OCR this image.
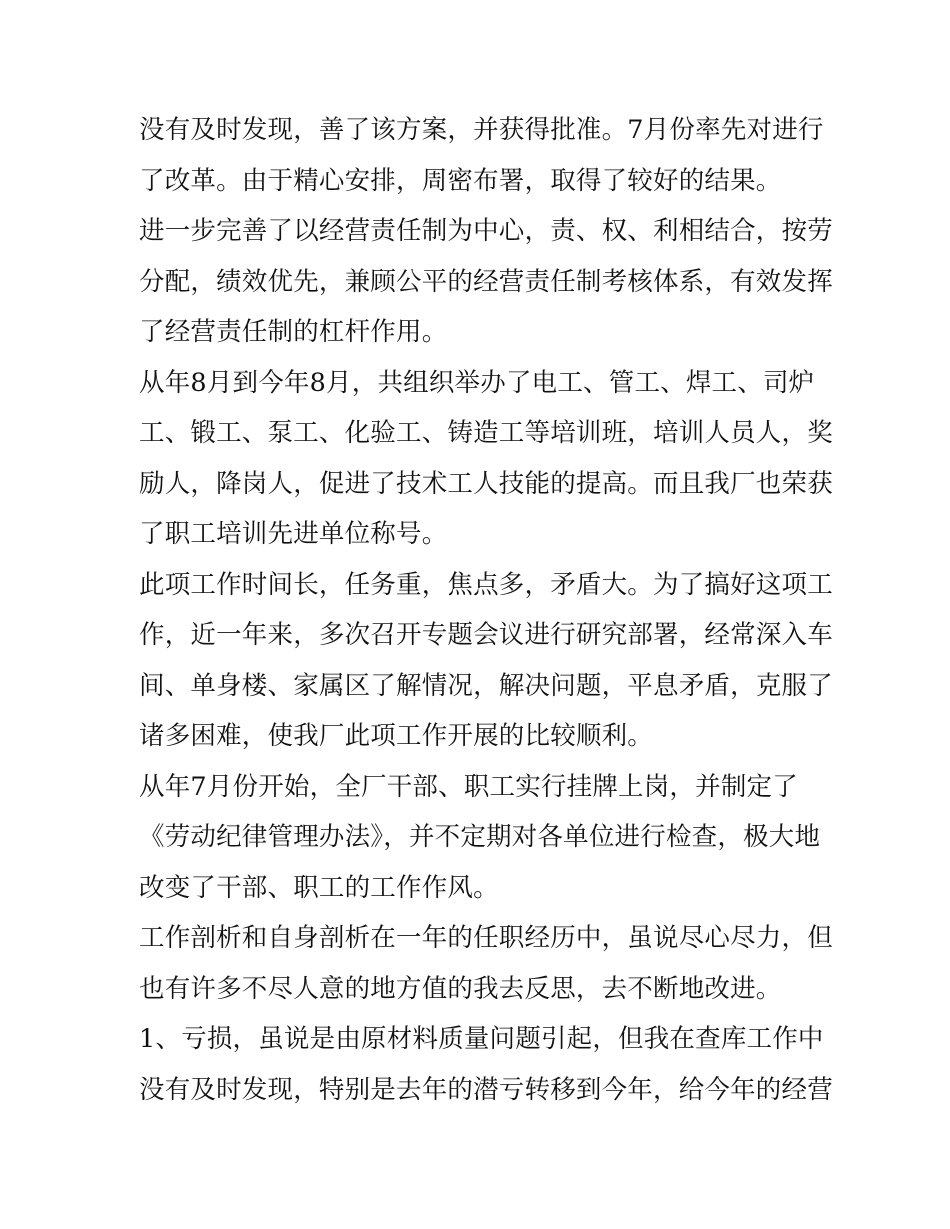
没有及时发现，善了该方案，并获得批准。7月份率先对进行
了改革。由于精心安排，周密布署，取得了较好的结果。
进一步完善了以经营责任制为中心，责、权、利相结合，按劳
分配，绩效优先，兼顾公平的经营责任制考核体系，有效发挥
了经营责任制的杠杆作用。
从年8月到今年8月，共组织举办了电工、管工、焊工、司炉
工、锻工、泵工、化验工、铸造工等培训班，培训人员人，奖
励人，降岗人，促进了技术工人技能的提高。而且我厂也荣获
了职工培训先进单位称号。
此项工作时间长，任务重，焦点多，矛盾大。为了搞好这项工
作，近一年来，多次召开专题会议进行研究部署，经常深入车
间、单身楼、家属区了解情况，解决问题，平息矛盾，克服了
诸多困难，使我厂此项工作开展的比较顺利。
从年7月份开始，全厂干部、职工实行挂牌上岗，并制定了
《劳动纪律管理办法》，并不定期对各单位进行检查，极大地
改变了干部、职工的工作作风。
工作剖析和自身剖析在一年的任职经历中，虽说尽心尽力，但
也有许多不尽人意的地方值的我去反思，去不断地改进。
1、亏损，虽说是由原材料质量问题引起，但我在查库工作中
没有及时发现，特别是去年的潜亏转移到今年，给今年的经营
